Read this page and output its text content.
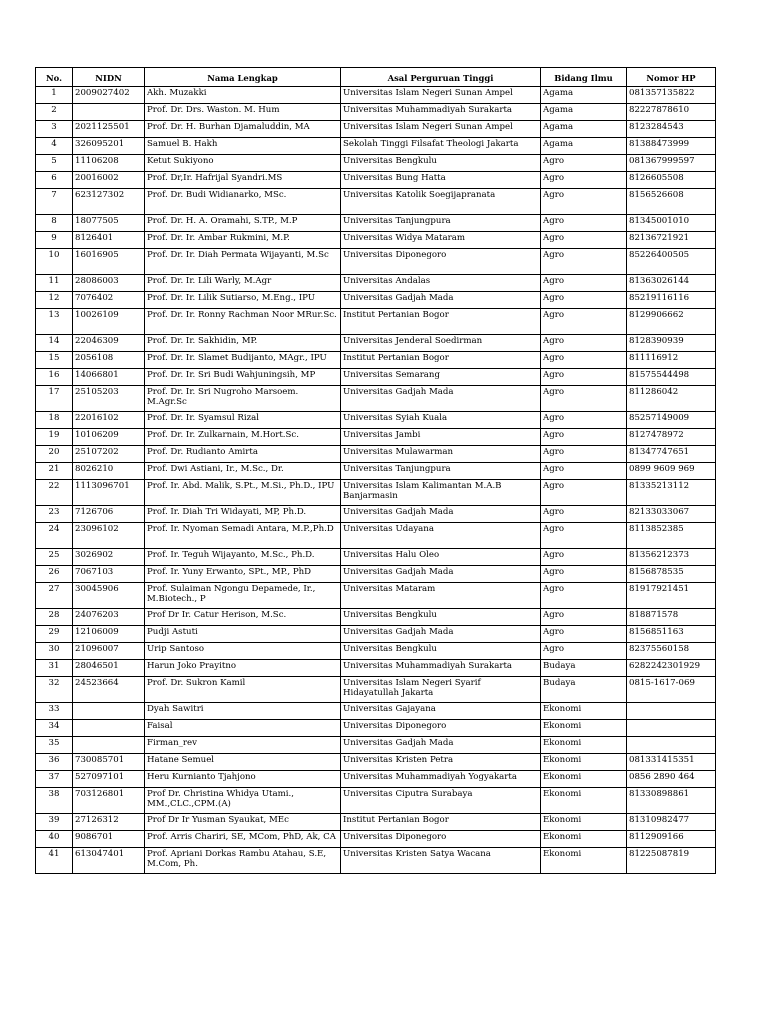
No.	NIDN	Nama Lengkap	Asal Perguruan Tinggi	Bidang Ilmu	Nomor HP
1	2009027402	Akh. Muzakki	Universitas Islam Negeri Sunan Ampel	Agama	081357135822
2		Prof. Dr. Drs. Waston. M. Hum	Universitas Muhammadiyah Surakarta	Agama	82227878610
3	2021125501	Prof. Dr. H. Burhan Djamaluddin, MA	Universitas Islam Negeri Sunan Ampel	Agama	8123284543
4	326095201	Samuel B. Hakh	Sekolah Tinggi Filsafat Theologi Jakarta	Agama	81388473999
5	11106208	Ketut Sukiyono	Universitas Bengkulu	Agro	081367999597
6	20016002	Prof. Dr,Ir. Hafrijal Syandri.MS	Universitas Bung Hatta	Agro	8126605508
7	623127302	Prof. Dr. Budi Widianarko, MSc.	Universitas Katolik Soegijapranata	Agro	8156526608
8	18077505	Prof. Dr. H. A. Oramahi, S.TP., M.P	Universitas Tanjungpura	Agro	81345001010
9	8126401	Prof. Dr. Ir. Ambar Rukmini, M.P.	Universitas Widya Mataram	Agro	82136721921
10	16016905	Prof. Dr. Ir. Diah Permata Wijayanti, M.Sc	Universitas Diponegoro	Agro	85226400505
11	28086003	Prof. Dr. Ir. Lili Warly, M.Agr	Universitas Andalas	Agro	81363026144
12	7076402	Prof. Dr. Ir. Lilik Sutiarso, M.Eng., IPU	Universitas Gadjah Mada	Agro	85219116116
13	10026109	Prof. Dr. Ir. Ronny Rachman Noor MRur.Sc.	Institut Pertanian Bogor	Agro	8129906662
14	22046309	Prof. Dr. Ir. Sakhidin, MP.	Universitas Jenderal Soedirman	Agro	8128390939
15	2056108	Prof. Dr. Ir. Slamet Budijanto, MAgr., IPU	Institut Pertanian Bogor	Agro	811116912
16	14066801	Prof. Dr. Ir. Sri Budi Wahjuningsih, MP	Universitas Semarang	Agro	81575544498
17	25105203	Prof. Dr. Ir. Sri Nugroho Marsoem. M.Agr.Sc	Universitas Gadjah Mada	Agro	811286042
18	22016102	Prof. Dr. Ir. Syamsul Rizal	Universitas Syiah Kuala	Agro	85257149009
19	10106209	Prof. Dr. Ir. Zulkarnain, M.Hort.Sc.	Universitas Jambi	Agro	8127478972
20	25107202	Prof. Dr. Rudianto Amirta	Universitas Mulawarman	Agro	81347747651
21	8026210	Prof. Dwi Astiani, Ir., M.Sc., Dr.	Universitas Tanjungpura	Agro	0899 9609 969
22	1113096701	Prof. Ir. Abd. Malik, S.Pt., M.Si., Ph.D., IPU	Universitas Islam Kalimantan M.A.B Banjarmasin	Agro	81335213112
23	7126706	Prof. Ir. Diah Tri Widayati, MP, Ph.D.	Universitas Gadjah Mada	Agro	82133033067
24	23096102	Prof. Ir. Nyoman Semadi Antara, M.P.,Ph.D	Universitas Udayana	Agro	8113852385
25	3026902	Prof. Ir. Teguh Wijayanto, M.Sc., Ph.D.	Universitas Halu Oleo	Agro	81356212373
26	7067103	Prof. Ir. Yuny Erwanto, SPt., MP., PhD	Universitas Gadjah Mada	Agro	8156878535
27	30045906	Prof. Sulaiman Ngongu Depamede, Ir., M.Biotech., P	Universitas Mataram	Agro	81917921451
28	24076203	Prof Dr Ir. Catur Herison, M.Sc.	Universitas Bengkulu	Agro	818871578
29	12106009	Pudji Astuti	Universitas Gadjah Mada	Agro	8156851163
30	21096007	Urip Santoso	Universitas Bengkulu	Agro	82375560158
31	28046501	Harun Joko Prayitno	Universitas Muhammadiyah Surakarta	Budaya	6282242301929
32	24523664	Prof. Dr. Sukron Kamil	Universitas Islam Negeri Syarif Hidayatullah Jakarta	Budaya	0815-1617-069
33		Dyah Sawitri	Universitas Gajayana	Ekonomi	
34		Faisal	Universitas Diponegoro	Ekonomi	
35		Firman_rev	Universitas Gadjah Mada	Ekonomi	
36	730085701	Hatane Semuel	Universitas Kristen Petra	Ekonomi	081331415351
37	527097101	Heru Kurnianto Tjahjono	Universitas Muhammadiyah Yogyakarta	Ekonomi	0856 2890 464
38	703126801	Prof Dr. Christina Whidya Utami., MM.,CLC.,CPM.(A)	Universitas Ciputra Surabaya	Ekonomi	81330898861
39	27126312	Prof Dr Ir Yusman Syaukat, MEc	Institut Pertanian Bogor	Ekonomi	81310982477
40	9086701	Prof. Arris Chariri, SE, MCom, PhD, Ak, CA	Universitas Diponegoro	Ekonomi	8112909166
41	613047401	Prof. Apriani Dorkas Rambu Atahau, S.E, M.Com, Ph.	Universitas Kristen Satya Wacana	Ekonomi	81225087819
